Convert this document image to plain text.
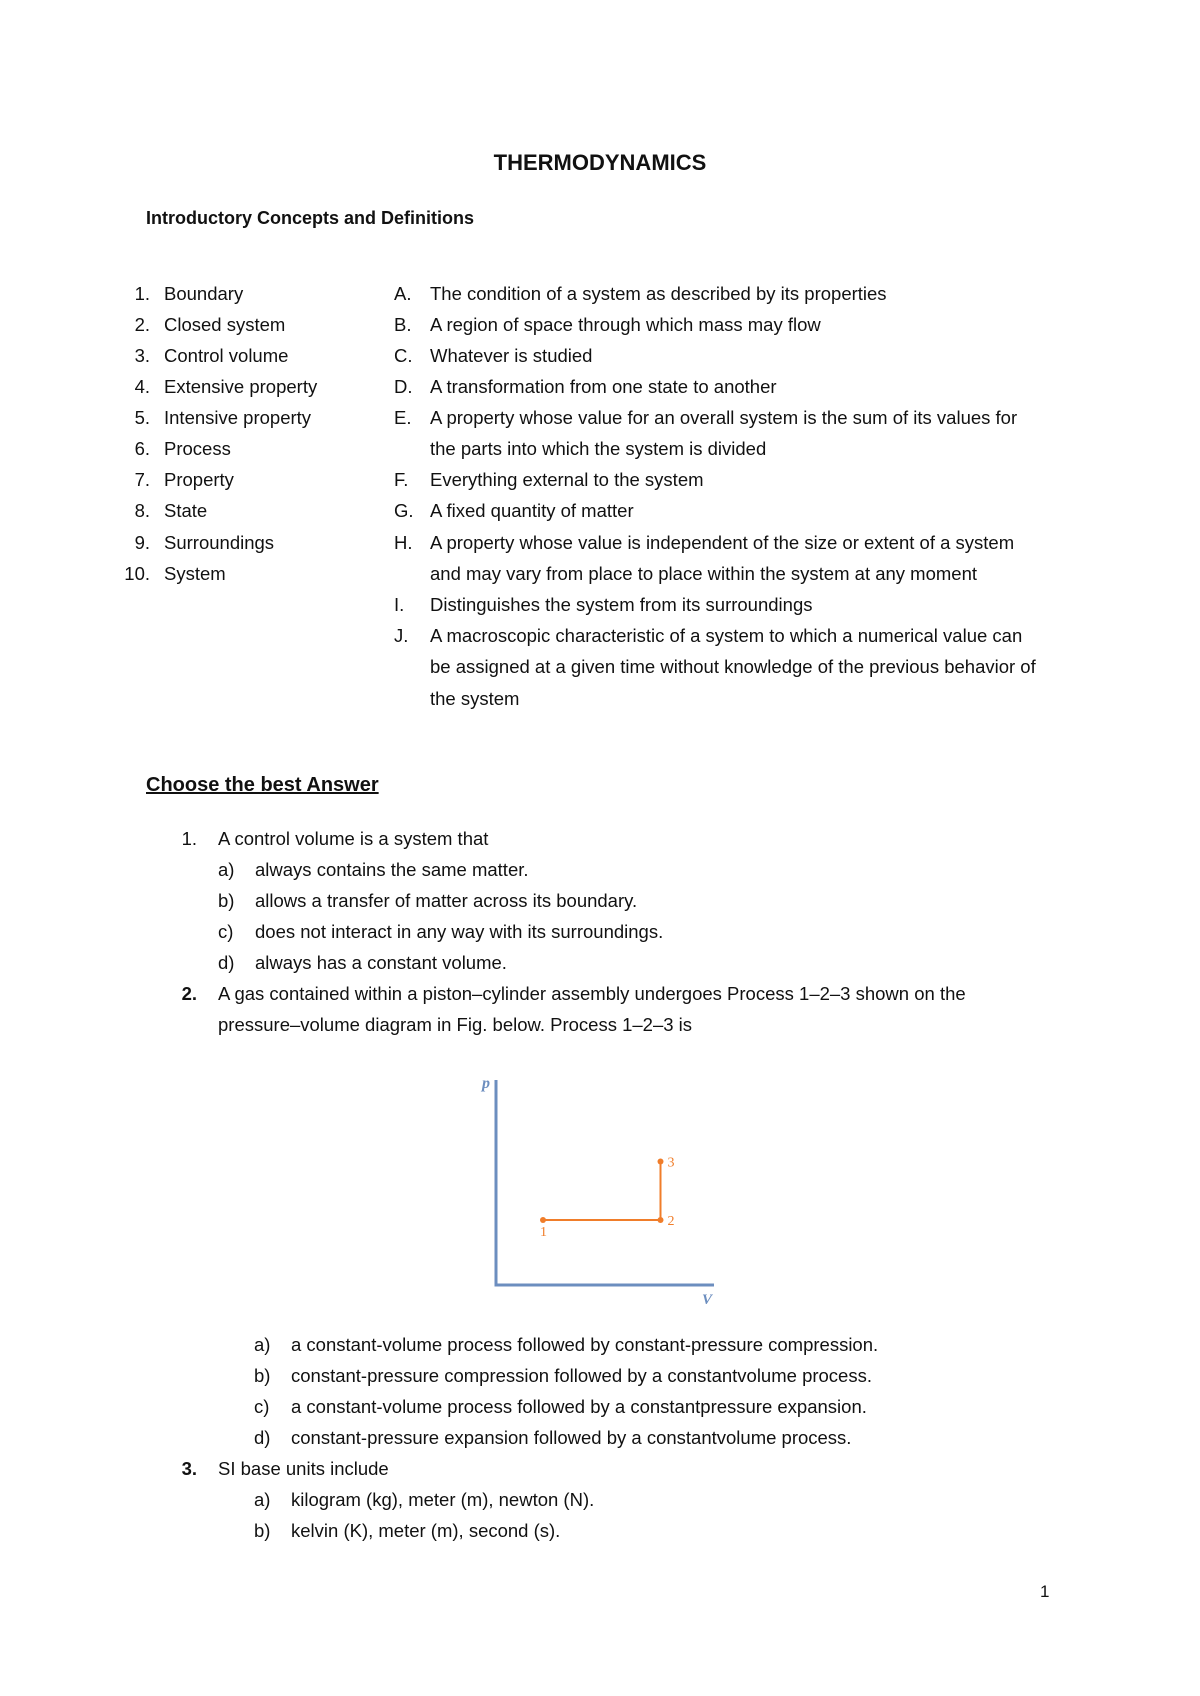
THERMODYNAMICS
Introductory Concepts and Definitions
1. Boundary
2. Closed system
3. Control volume
4. Extensive property
5. Intensive property
6. Process
7. Property
8. State
9. Surroundings
10. System
A. The condition of a system as described by its properties
B. A region of space through which mass may flow
C. Whatever is studied
D. A transformation from one state to another
E. A property whose value for an overall system is the sum of its values for
the parts into which the system is divided
F. Everything external to the system
G. A fixed quantity of matter
H. A property whose value is independent of the size or extent of a system
and may vary from place to place within the system at any moment
I. Distinguishes the system from its surroundings
J. A macroscopic characteristic of a system to which a numerical value can
be assigned at a given time without knowledge of the previous behavior of
the system
Choose the best Answer
1. A control volume is a system that
a) always contains the same matter.
b) allows a transfer of matter across its boundary.
c) does not interact in any way with its surroundings.
d) always has a constant volume.
2. A gas contained within a piston–cylinder assembly undergoes Process 1–2–3 shown on the
pressure–volume diagram in Fig. below. Process 1–2–3 is
p
V
1
2
3
a) a constant-volume process followed by constant-pressure compression.
b) constant-pressure compression followed by a constantvolume process.
c) a constant-volume process followed by a constantpressure expansion.
d) constant-pressure expansion followed by a constantvolume process.
3. SI base units include
a) kilogram (kg), meter (m), newton (N).
b) kelvin (K), meter (m), second (s).
1
